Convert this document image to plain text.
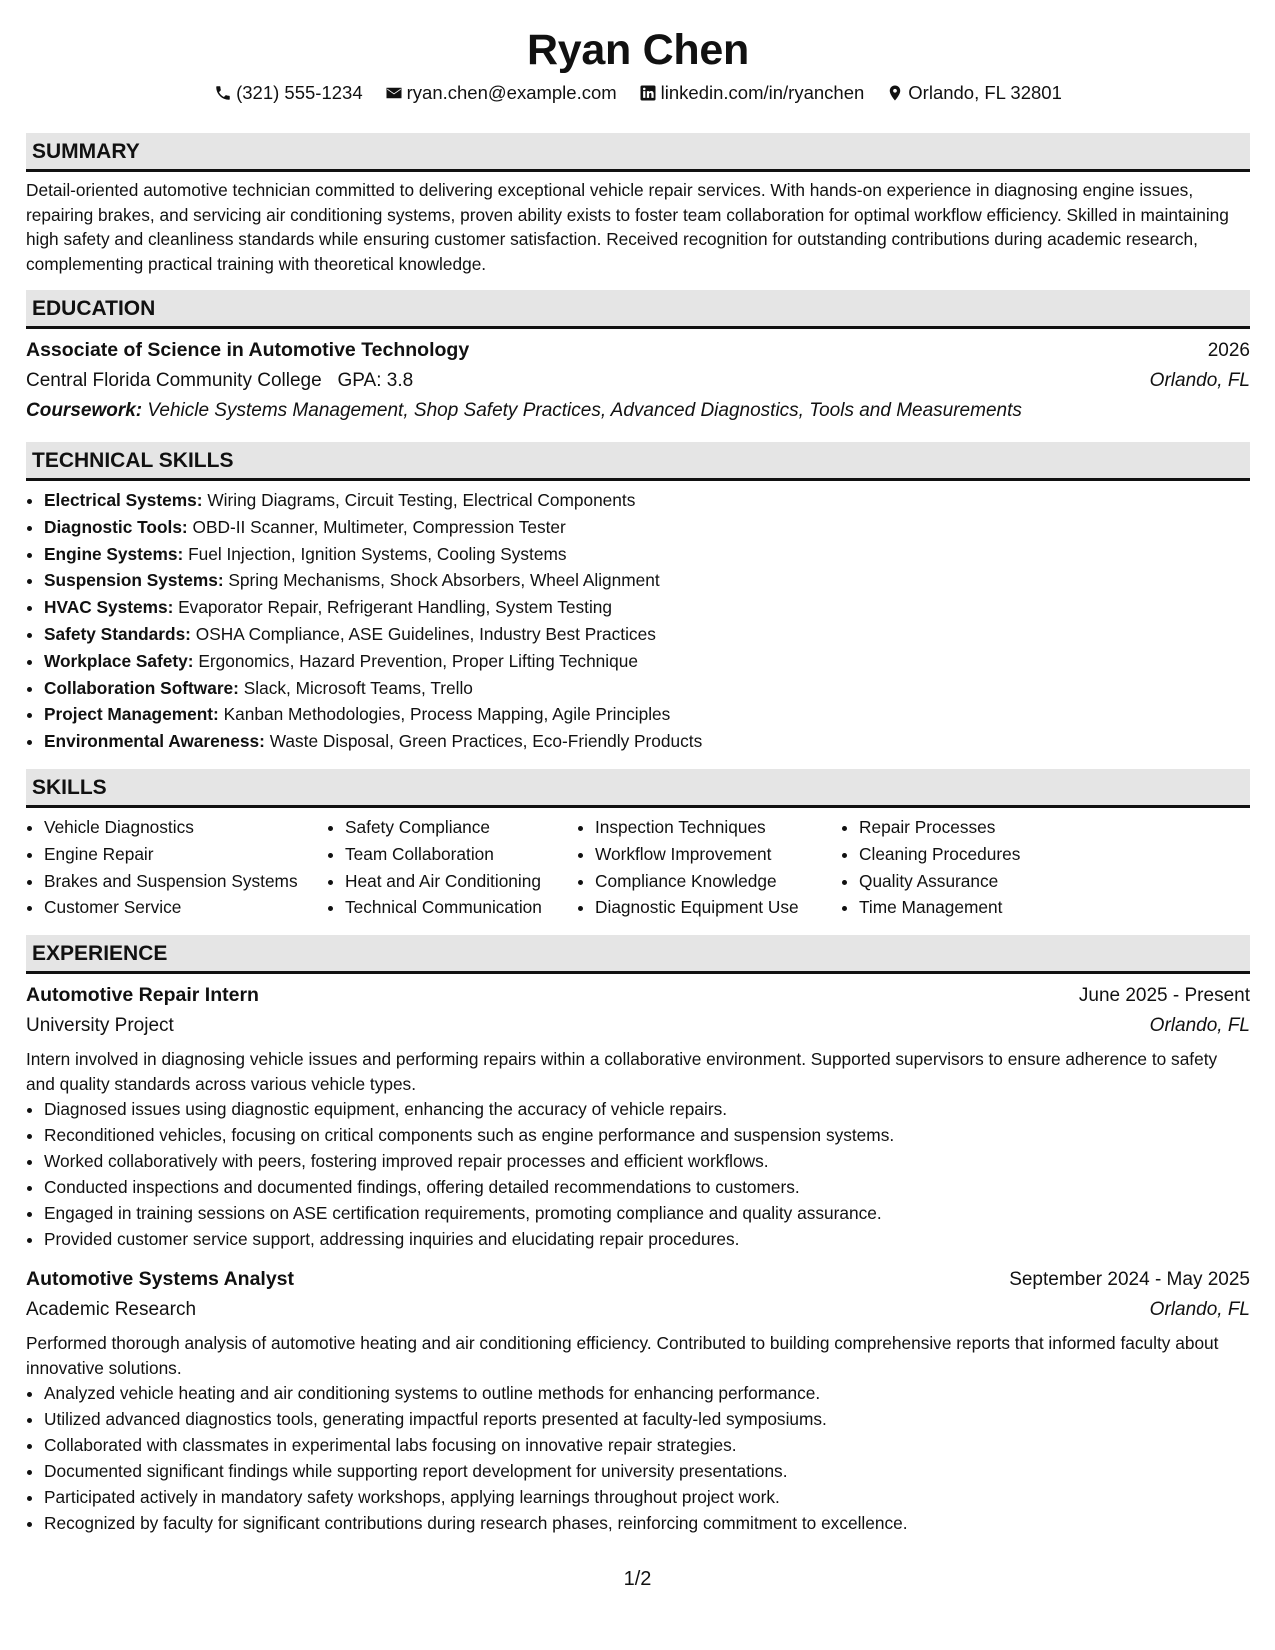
Ryan Chen
(321) 555-1234 ryan.chen@example.com linkedin.com/in/ryanchen Orlando, FL 32801
SUMMARY

Detail-oriented automotive technician committed to delivering exceptional vehicle repair services. With hands-on experience in diagnosing engine issues, repairing brakes, and servicing air conditioning systems, proven ability exists to foster team collaboration for optimal workflow efficiency. Skilled in maintaining high safety and cleanliness standards while ensuring customer satisfaction. Received recognition for outstanding contributions during academic research, complementing practical training with theoretical knowledge.

EDUCATION
Associate of Science in Automotive Technology	2026
Central Florida Community College GPA: 3.8	Orlando, FL
Coursework: Vehicle Systems Management, Shop Safety Practices, Advanced Diagnostics, Tools and Measurements
TECHNICAL SKILLS
• Electrical Systems: Wiring Diagrams, Circuit Testing, Electrical Components
• Diagnostic Tools: OBD-II Scanner, Multimeter, Compression Tester
• Engine Systems: Fuel Injection, Ignition Systems, Cooling Systems
• Suspension Systems: Spring Mechanisms, Shock Absorbers, Wheel Alignment
• HVAC Systems: Evaporator Repair, Refrigerant Handling, System Testing
• Safety Standards: OSHA Compliance, ASE Guidelines, Industry Best Practices
• Workplace Safety: Ergonomics, Hazard Prevention, Proper Lifting Technique
• Collaboration Software: Slack, Microsoft Teams, Trello
• Project Management: Kanban Methodologies, Process Mapping, Agile Principles
• Environmental Awareness: Waste Disposal, Green Practices, Eco-Friendly Products
SKILLS
• Vehicle Diagnostics
• Engine Repair
• Brakes and Suspension Systems
• Customer Service
• Safety Compliance
• Team Collaboration
• Heat and Air Conditioning
• Technical Communication
• Inspection Techniques
• Workflow Improvement
• Compliance Knowledge
• Diagnostic Equipment Use
• Repair Processes
• Cleaning Procedures
• Quality Assurance
• Time Management
EXPERIENCE
Automotive Repair Intern	June 2025 - Present
University Project	Orlando, FL

Intern involved in diagnosing vehicle issues and performing repairs within a collaborative environment. Supported supervisors to ensure adherence to safety and quality standards across various vehicle types.

• Diagnosed issues using diagnostic equipment, enhancing the accuracy of vehicle repairs.
• Reconditioned vehicles, focusing on critical components such as engine performance and suspension systems.
• Worked collaboratively with peers, fostering improved repair processes and efficient workflows.
• Conducted inspections and documented findings, offering detailed recommendations to customers.
• Engaged in training sessions on ASE certification requirements, promoting compliance and quality assurance.
• Provided customer service support, addressing inquiries and elucidating repair procedures.
Automotive Systems Analyst	September 2024 - May 2025
Academic Research	Orlando, FL

Performed thorough analysis of automotive heating and air conditioning efficiency. Contributed to building comprehensive reports that informed faculty about innovative solutions.

• Analyzed vehicle heating and air conditioning systems to outline methods for enhancing performance.
• Utilized advanced diagnostics tools, generating impactful reports presented at faculty-led symposiums.
• Collaborated with classmates in experimental labs focusing on innovative repair strategies.
• Documented significant findings while supporting report development for university presentations.
• Participated actively in mandatory safety workshops, applying learnings throughout project work.
• Recognized by faculty for significant contributions during research phases, reinforcing commitment to excellence.
1/2
